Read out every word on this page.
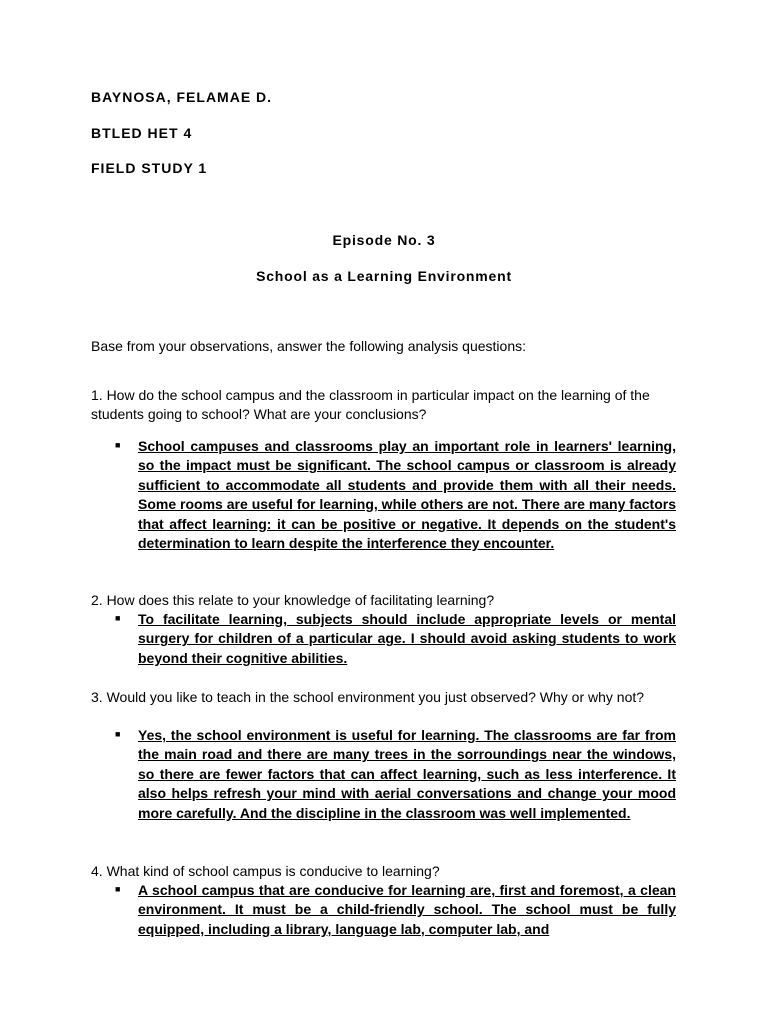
BAYNOSA, FELAMAE D.
BTLED HET 4
FIELD STUDY 1
Episode No. 3
School as a Learning Environment
Base from your observations, answer the following analysis questions:
1. How do the school campus and the classroom in particular impact on the learning of the students going to school? What are your conclusions?
■ School campuses and classrooms play an important role in learners' learning, so the impact must be significant. The school campus or classroom is already sufficient to accommodate all students and provide them with all their needs. Some rooms are useful for learning, while others are not. There are many factors that affect learning: it can be positive or negative. It depends on the student's determination to learn despite the interference they encounter.
2. How does this relate to your knowledge of facilitating learning?
■ To facilitate learning, subjects should include appropriate levels or mental surgery for children of a particular age. I should avoid asking students to work beyond their cognitive abilities.
3. Would you like to teach in the school environment you just observed? Why or why not?
■ Yes, the school environment is useful for learning. The classrooms are far from the main road and there are many trees in the sorroundings near the windows, so there are fewer factors that can affect learning, such as less interference. It also helps refresh your mind with aerial conversations and change your mood more carefully. And the discipline in the classroom was well implemented.
4. What kind of school campus is conducive to learning?
■ A school campus that are conducive for learning are, first and foremost, a clean environment. It must be a child-friendly school. The school must be fully equipped, including a library, language lab, computer lab, and
